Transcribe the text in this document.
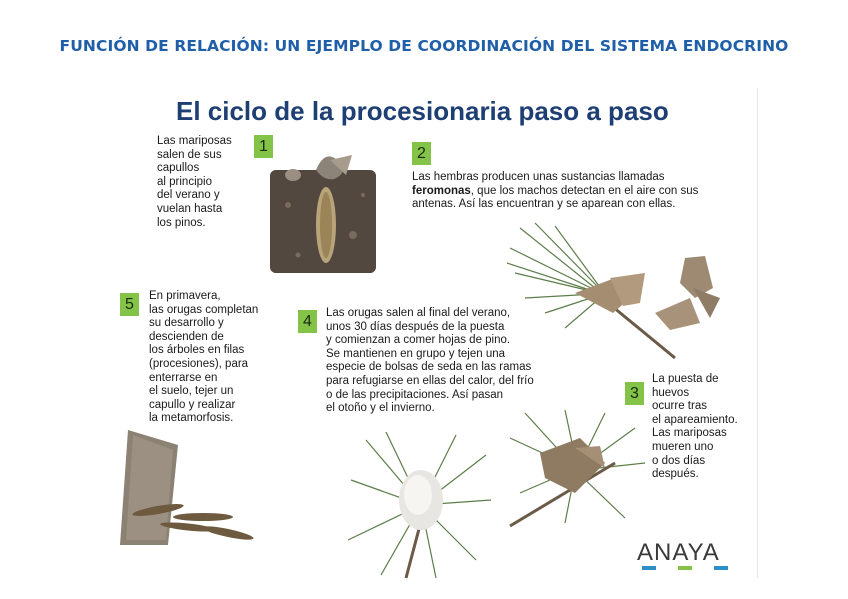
FUNCIÓN DE RELACIÓN: UN EJEMPLO DE COORDINACIÓN DEL SISTEMA ENDOCRINO
El ciclo de la procesionaria paso a paso
1
Las mariposas
salen de sus
capullos
al principio
del verano y
vuelan hasta
los pinos.
2
Las hembras producen unas sustancias llamadas
feromonas, que los machos detectan en el aire con sus
antenas. Así las encuentran y se aparean con ellas.
3
La puesta de
huevos
ocurre tras
el apareamiento.
Las mariposas
mueren uno
o dos días
después.
4	Las orugas salen al final del verano,
unos 30 días después de la puesta
y comienzan a comer hojas de pino.
Se mantienen en grupo y tejen una
especie de bolsas de seda en las ramas
para refugiarse en ellas del calor, del frío
o de las precipitaciones. Así pasan
el otoño y el invierno.
5	En primavera,
las orugas completan
su desarrollo y
descienden de
los árboles en filas
(procesiones), para
enterrarse en
el suelo, tejer un
capullo y realizar
la metamorfosis.
ANAYA
